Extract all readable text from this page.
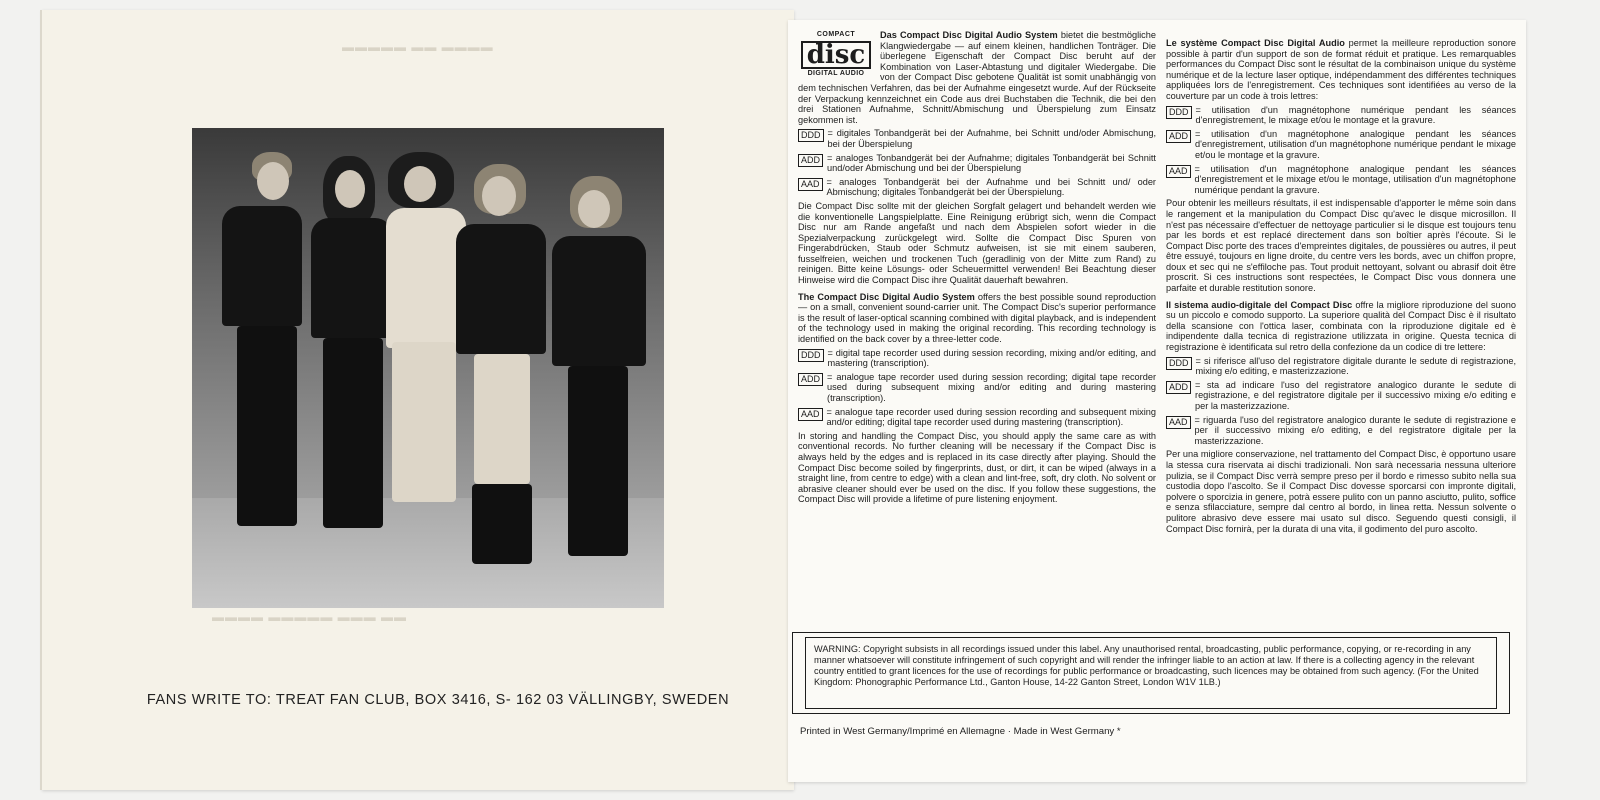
▬▬▬▬▬ ▬▬ ▬▬▬▬
▬▬▬▬ ▬▬▬▬▬ ▬▬▬ ▬▬
FANS WRITE TO: TREAT FAN CLUB, BOX 3416, S- 162 03 VÄLLINGBY, SWEDEN
COMPACT
disc
DIGITAL AUDIO

Das Compact Disc Digital Audio System bietet die bestmögliche Klangwiedergabe — auf einem kleinen, handlichen Tonträger. Die überlegene Eigenschaft der Compact Disc beruht auf der Kombination von Laser-Abtastung und digitaler Wiedergabe. Die von der Compact Disc gebotene Qualität ist somit unabhängig von dem technischen Verfahren, das bei der Aufnahme eingesetzt wurde. Auf der Rückseite der Verpackung kennzeichnet ein Code aus drei Buchstaben die Technik, die bei den drei Stationen Aufnahme, Schnitt/Abmischung und Überspielung zum Einsatz gekommen ist.

DDD = digitales Tonbandgerät bei der Aufnahme, bei Schnitt und/oder Abmischung, bei der Überspielung
ADD = analoges Tonbandgerät bei der Aufnahme; digitales Tonbandgerät bei Schnitt und/oder Abmischung und bei der Überspielung
AAD = analoges Tonbandgerät bei der Aufnahme und bei Schnitt und/ oder Abmischung; digitales Tonbandgerät bei der Überspielung.

Die Compact Disc sollte mit der gleichen Sorgfalt gelagert und behandelt werden wie die konventionelle Langspielplatte. Eine Reinigung erübrigt sich, wenn die Compact Disc nur am Rande angefaßt und nach dem Abspielen sofort wieder in die Spezialverpackung zurückgelegt wird. Sollte die Compact Disc Spuren von Fingerabdrücken, Staub oder Schmutz aufweisen, ist sie mit einem sauberen, fusselfreien, weichen und trockenen Tuch (geradlinig von der Mitte zum Rand) zu reinigen. Bitte keine Lösungs- oder Scheuermittel verwenden! Bei Beachtung dieser Hinweise wird die Compact Disc ihre Qualität dauerhaft bewahren.

The Compact Disc Digital Audio System offers the best possible sound reproduction — on a small, convenient sound-carrier unit. The Compact Disc's superior performance is the result of laser-optical scanning combined with digital playback, and is independent of the technology used in making the original recording. This recording technology is identified on the back cover by a three-letter code.

DDD = digital tape recorder used during session recording, mixing and/or editing, and mastering (transcription).
ADD = analogue tape recorder used during session recording; digital tape recorder used during subsequent mixing and/or editing and during mastering (transcription).
AAD = analogue tape recorder used during session recording and subsequent mixing and/or editing; digital tape recorder used during mastering (transcription).

In storing and handling the Compact Disc, you should apply the same care as with conventional records. No further cleaning will be necessary if the Compact Disc is always held by the edges and is replaced in its case directly after playing. Should the Compact Disc become soiled by fingerprints, dust, or dirt, it can be wiped (always in a straight line, from centre to edge) with a clean and lint-free, soft, dry cloth. No solvent or abrasive cleaner should ever be used on the disc. If you follow these suggestions, the Compact Disc will provide a lifetime of pure listening enjoyment.

Le système Compact Disc Digital Audio permet la meilleure reproduction sonore possible à partir d'un support de son de format réduit et pratique. Les remarquables performances du Compact Disc sont le résultat de la combinaison unique du système numérique et de la lecture laser optique, indépendamment des différentes techniques appliquées lors de l'enregistrement. Ces techniques sont identifiées au verso de la couverture par un code à trois lettres:

DDD = utilisation d'un magnétophone numérique pendant les séances d'enregistrement, le mixage et/ou le montage et la gravure.
ADD = utilisation d'un magnétophone analogique pendant les séances d'enregistrement, utilisation d'un magnétophone numérique pendant le mixage et/ou le montage et la gravure.
AAD = utilisation d'un magnétophone analogique pendant les séances d'enregistrement et le mixage et/ou le montage, utilisation d'un magnétophone numérique pendant la gravure.

Pour obtenir les meilleurs résultats, il est indispensable d'apporter le même soin dans le rangement et la manipulation du Compact Disc qu'avec le disque microsillon. Il n'est pas nécessaire d'effectuer de nettoyage particulier si le disque est toujours tenu par les bords et est replacé directement dans son boîtier après l'écoute. Si le Compact Disc porte des traces d'empreintes digitales, de poussières ou autres, il peut être essuyé, toujours en ligne droite, du centre vers les bords, avec un chiffon propre, doux et sec qui ne s'effiloche pas. Tout produit nettoyant, solvant ou abrasif doit être proscrit. Si ces instructions sont respectées, le Compact Disc vous donnera une parfaite et durable restitution sonore.

Il sistema audio-digitale del Compact Disc offre la migliore riproduzione del suono su un piccolo e comodo supporto. La superiore qualità del Compact Disc è il risultato della scansione con l'ottica laser, combinata con la riproduzione digitale ed è indipendente dalla tecnica di registrazione utilizzata in origine. Questa tecnica di registrazione è identificata sul retro della confezione da un codice di tre lettere:

DDD = si riferisce all'uso del registratore digitale durante le sedute di registrazione, mixing e/o editing, e masterizzazione.
ADD = sta ad indicare l'uso del registratore analogico durante le sedute di registrazione, e del registratore digitale per il successivo mixing e/o editing e per la masterizzazione.
AAD = riguarda l'uso del registratore analogico durante le sedute di registrazione e per il successivo mixing e/o editing, e del registratore digitale per la masterizzazione.

Per una migliore conservazione, nel trattamento del Compact Disc, è opportuno usare la stessa cura riservata ai dischi tradizionali. Non sarà necessaria nessuna ulteriore pulizia, se il Compact Disc verrà sempre preso per il bordo e rimesso subito nella sua custodia dopo l'ascolto. Se il Compact Disc dovesse sporcarsi con impronte digitali, polvere o sporcizia in genere, potrà essere pulito con un panno asciutto, pulito, soffice e senza sfilacciature, sempre dal centro al bordo, in linea retta. Nessun solvente o pulitore abrasivo deve essere mai usato sul disco. Seguendo questi consigli, il Compact Disc fornirà, per la durata di una vita, il godimento del puro ascolto.

WARNING: Copyright subsists in all recordings issued under this label. Any unauthorised rental, broadcasting, public performance, copying, or re-recording in any manner whatsoever will constitute infringement of such copyright and will render the infringer liable to an action at law. If there is a collecting agency in the relevant country entitled to grant licences for the use of recordings for public performance or broadcasting, such licences may be obtained from such agency. (For the United Kingdom: Phonographic Performance Ltd., Ganton House, 14-22 Ganton Street, London W1V 1LB.)
Printed in West Germany/Imprimé en Allemagne · Made in West Germany *
